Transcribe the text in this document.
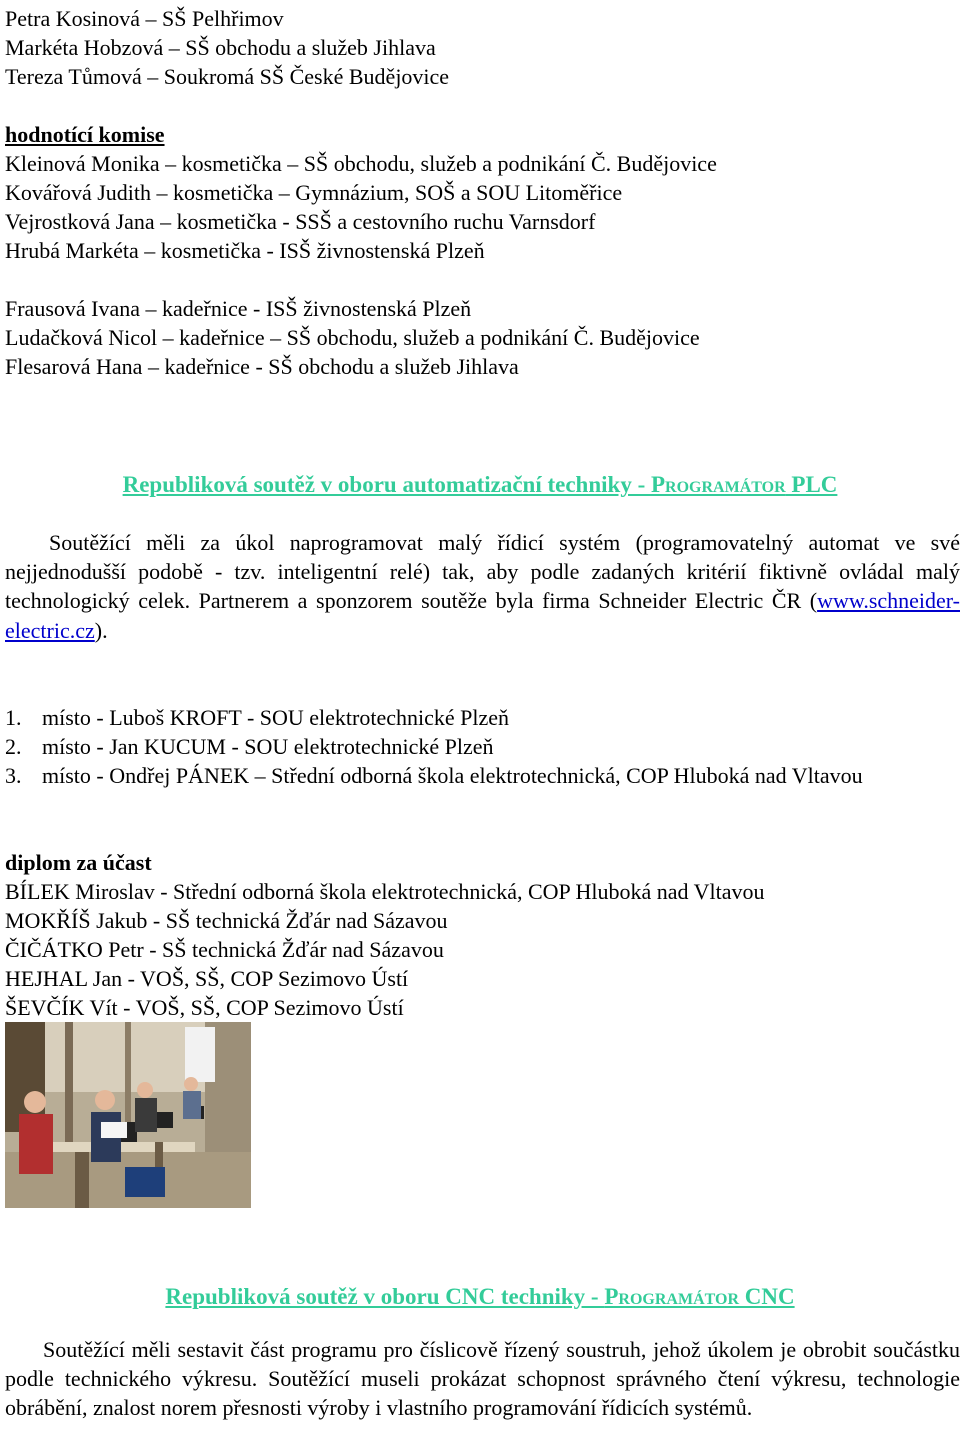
Petra Kosinová – SŠ Pelhřimov
Markéta Hobzová – SŠ obchodu a služeb Jihlava
Tereza Tůmová – Soukromá SŠ České Budějovice
hodnotící komise
Kleinová Monika – kosmetička – SŠ obchodu, služeb a podnikání Č. Budějovice
Kovářová Judith – kosmetička – Gymnázium, SOŠ a SOU Litoměřice
Vejrostková Jana – kosmetička - SSŠ a cestovního ruchu Varnsdorf
Hrubá Markéta – kosmetička - ISŠ živnostenská Plzeň
Frausová Ivana – kadeřnice - ISŠ živnostenská Plzeň
Ludačková Nicol – kadeřnice – SŠ obchodu, služeb a podnikání Č. Budějovice
Flesarová Hana – kadeřnice - SŠ obchodu a služeb Jihlava
Republiková soutěž v oboru automatizační techniky - Programátor PLC
Soutěžící měli za úkol naprogramovat malý řídicí systém (programovatelný automat ve své nejjednodušší podobě - tzv. inteligentní relé) tak, aby podle zadaných kritérií fiktivně ovládal malý technologický celek. Partnerem a sponzorem soutěže byla firma Schneider Electric ČR (www.schneider-electric.cz).
1. místo - Luboš KROFT - SOU elektrotechnické Plzeň
2. místo - Jan KUCUM - SOU elektrotechnické Plzeň
3. místo - Ondřej PÁNEK – Střední odborná škola elektrotechnická, COP Hluboká nad Vltavou
diplom za účast
BÍLEK Miroslav - Střední odborná škola elektrotechnická, COP Hluboká nad Vltavou
MOKŘÍŠ Jakub - SŠ technická Žďár nad Sázavou
ČIČÁTKO Petr - SŠ technická Žďár nad Sázavou
HEJHAL Jan - VOŠ, SŠ, COP Sezimovo Ústí
ŠEVČÍK Vít - VOŠ, SŠ, COP Sezimovo Ústí
Republiková soutěž v oboru CNC techniky - Programátor CNC
Soutěžící měli sestavit část programu pro číslicově řízený soustruh, jehož úkolem je obrobit součástku podle technického výkresu. Soutěžící museli prokázat schopnost správného čtení výkresu, technologie obrábění, znalost norem přesnosti výroby i vlastního programování řídicích systémů.
